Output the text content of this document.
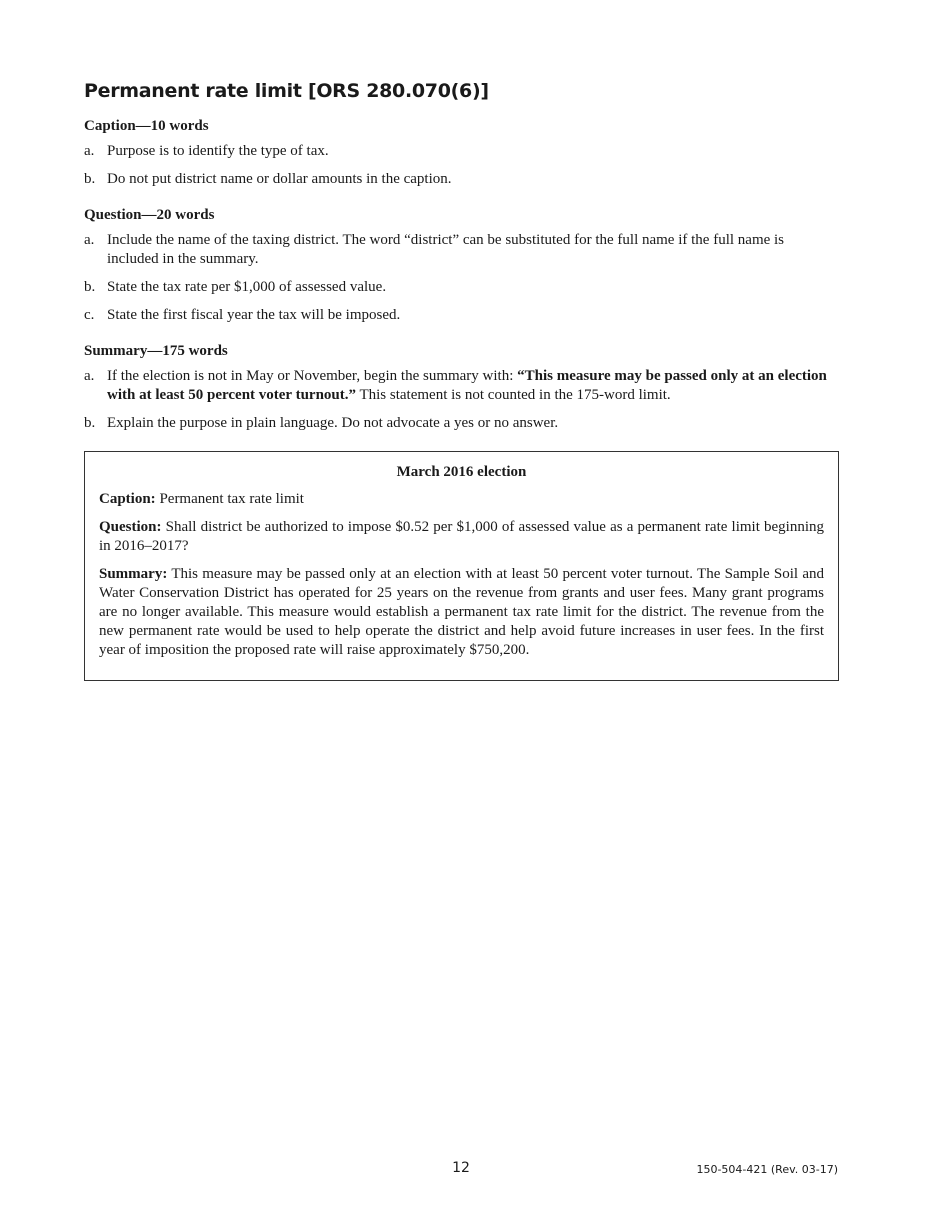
Permanent rate limit [ORS 280.070(6)]
Caption—10 words
a. Purpose is to identify the type of tax.
b. Do not put district name or dollar amounts in the caption.
Question—20 words
a. Include the name of the taxing district. The word “district” can be substituted for the full name if the full name is included in the summary.
b. State the tax rate per $1,000 of assessed value.
c. State the first fiscal year the tax will be imposed.
Summary—175 words
a. If the election is not in May or November, begin the summary with: “This measure may be passed only at an election with at least 50 percent voter turnout.” This statement is not counted in the 175-word limit.
b. Explain the purpose in plain language. Do not advocate a yes or no answer.
March 2016 election

Caption: Permanent tax rate limit

Question: Shall district be authorized to impose $0.52 per $1,000 of assessed value as a permanent rate limit beginning in 2016–2017?

Summary: This measure may be passed only at an election with at least 50 percent voter turnout. The Sample Soil and Water Conservation District has operated for 25 years on the revenue from grants and user fees. Many grant programs are no longer available. This measure would establish a permanent tax rate limit for the district. The revenue from the new permanent rate would be used to help operate the district and help avoid future increases in user fees. In the first year of imposition the proposed rate will raise approximately $750,200.

12	150-504-421 (Rev. 03-17)
